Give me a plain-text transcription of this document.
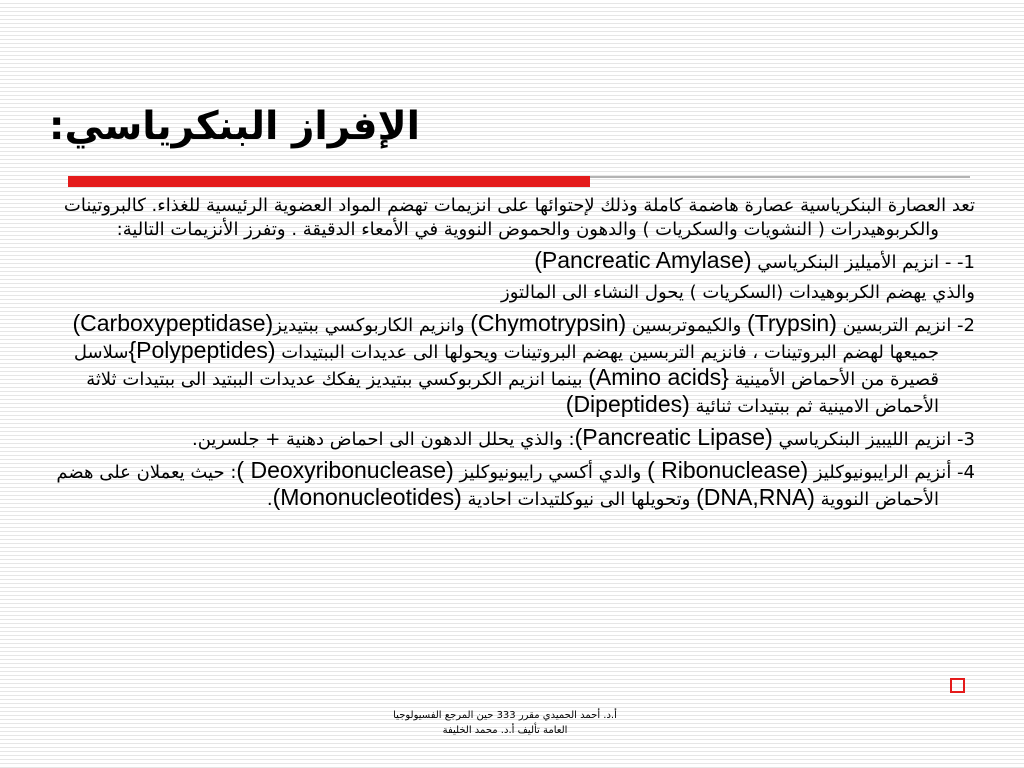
الإفراز البنكرياسي:

تعد العصارة البنكرياسية عصارة هاضمة كاملة وذلك لإحتوائها على انزيمات تهضم المواد العضوية الرئيسية للغذاء. كالبروتينات والكربوهيدرات ( النشويات والسكريات ) والدهون والحموض النووية في الأمعاء الدقيقة . وتفرز الأنزيمات التالية:

1- - انزيم الأميليز البنكرياسي (Pancreatic Amylase)

والذي يهضم الكربوهيدات (السكريات ) يحول النشاء الى المالتوز

2- انزيم التربسين (Trypsin) والكيموتربسين (Chymotrypsin) وانزيم الكاربوكسي ببتيديز(Carboxypeptidase) جميعها لهضم البروتينات ، فانزيم التربسين يهضم البروتينات ويحولها الى عديدات الببتيدات {Polypeptides)سلاسل قصيرة من الأحماض الأمينية (Amino acids} بينما انزيم الكربوكسي ببتيديز يفكك عديدات الببتيد الى ببتيدات ثلاثة الأحماض الامينية ثم ببتيدات ثنائية (Dipeptides)

3- انزيم الليبيز البنكرياسي (Pancreatic Lipase): والذي يحلل الدهون الى احماض دهنية + جلسرين.

4- أنزيم الرايبونيوكليز ( Ribonuclease) والدي أكسي رايبونيوكليز ( Deoxyribonuclease): حيث يعملان على هضم الأحماض النووية (DNA,RNA) وتحويلها الى نيوكلتيدات احادية (Mononucleotides).

أ.د. أحمد الحميدي مقرر 333 حين المرجع الفسيولوجيا
العامة تأليف أ.د. محمد الخليفة
